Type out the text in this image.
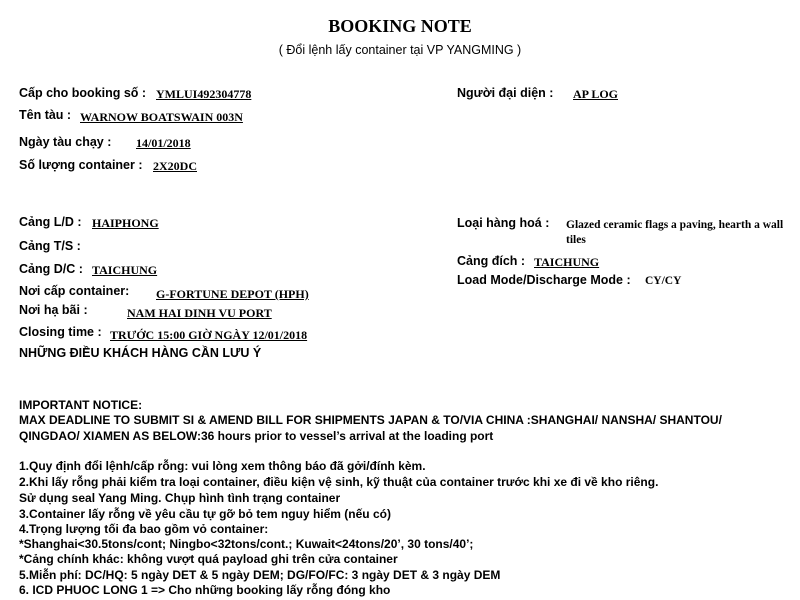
BOOKING NOTE
( Đổi lệnh lấy container tại VP YANGMING )
Cấp cho booking số : YMLUI492304778
Tên tàu : WARNOW BOATSWAIN 003N
Ngày tàu chạy : 14/01/2018
Số lượng container : 2X20DC
Người đại diện : AP LOG
Cảng L/D : HAIPHONG
Cảng T/S :
Cảng D/C : TAICHUNG
Nơi cấp container: G-FORTUNE DEPOT (HPH)
Nơi hạ bãi :	NAM HAI DINH VU PORT
Closing time : TRƯỚC 15:00 GIỜ NGÀY 12/01/2018
Loại hàng hoá : Glazed ceramic flags a paving, hearth a wall
tiles
Cảng đích : TAICHUNG
Load Mode/Discharge Mode : CY/CY
NHỮNG ĐIỀU KHÁCH HÀNG CẦN LƯU Ý
IMPORTANT NOTICE:
MAX DEADLINE TO SUBMIT SI & AMEND BILL FOR SHIPMENTS JAPAN & TO/VIA CHINA :SHANGHAI/ NANSHA/ SHANTOU/
QINGDAO/ XIAMEN AS BELOW:36 hours prior to vessel’s arrival at the loading port
1.Quy định đổi lệnh/cấp rỗng: vui lòng xem thông báo đã gởi/đính kèm.
2.Khi lấy rỗng phải kiểm tra loại container, điều kiện vệ sinh, kỹ thuật của container trước khi xe đi về kho riêng.
Sử dụng seal Yang Ming. Chụp hình tình trạng container
3.Container lấy rỗng về yêu cầu tự gỡ bỏ tem nguy hiểm (nếu có)
4.Trọng lượng tối đa bao gồm vỏ container:
*Shanghai<30.5tons/cont; Ningbo<32tons/cont.; Kuwait<24tons/20’, 30 tons/40’;
*Cảng chính khác: không vượt quá payload ghi trên cửa container
5.Miễn phí: DC/HQ: 5 ngày DET & 5 ngày DEM; DG/FO/FC: 3 ngày DET & 3 ngày DEM
6. ICD PHUOC LONG 1 => Cho những booking lấy rỗng đóng kho
